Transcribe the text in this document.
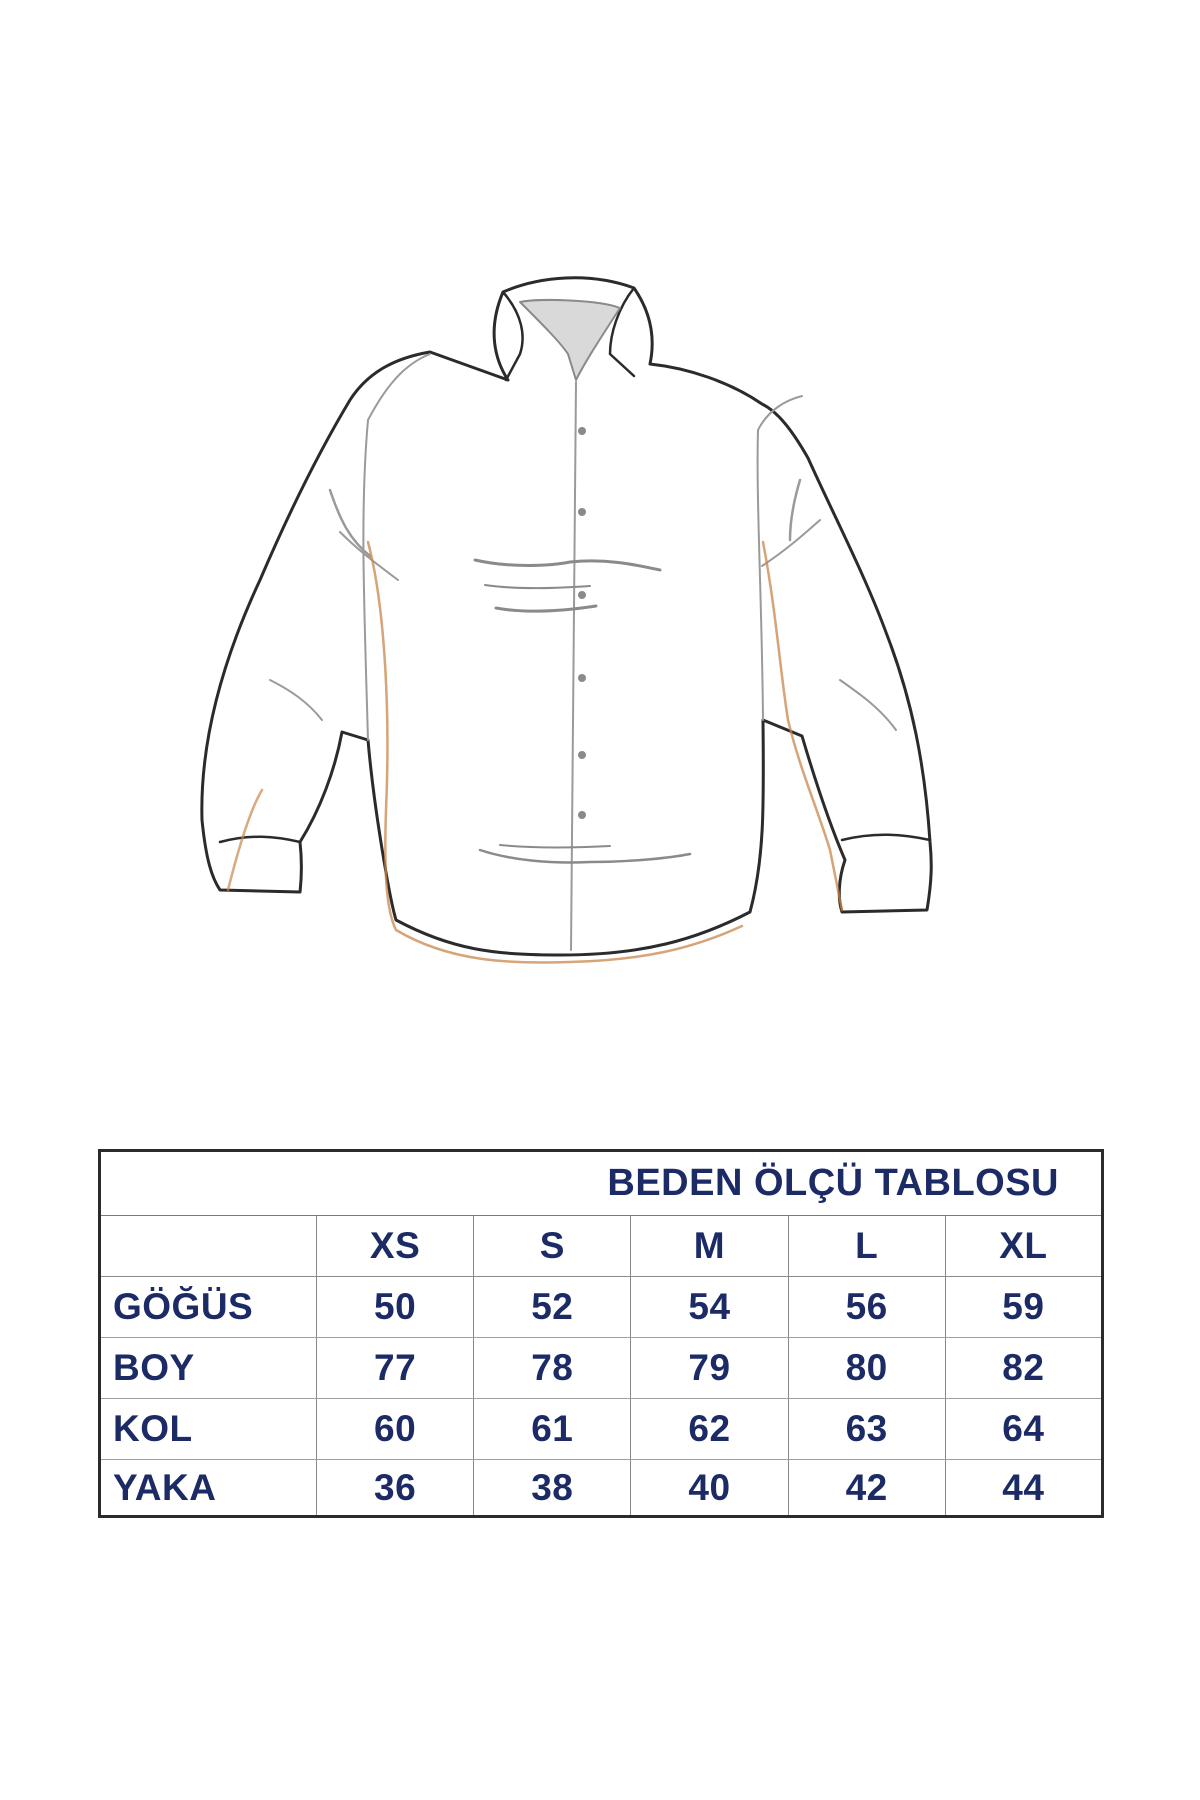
BEDEN ÖLÇÜ TABLOSU					
	XS	S	M	L	XL
GÖĞÜS	50	52	54	56	59
BOY	77	78	79	80	82
KOL	60	61	62	63	64
YAKA	36	38	40	42	44
